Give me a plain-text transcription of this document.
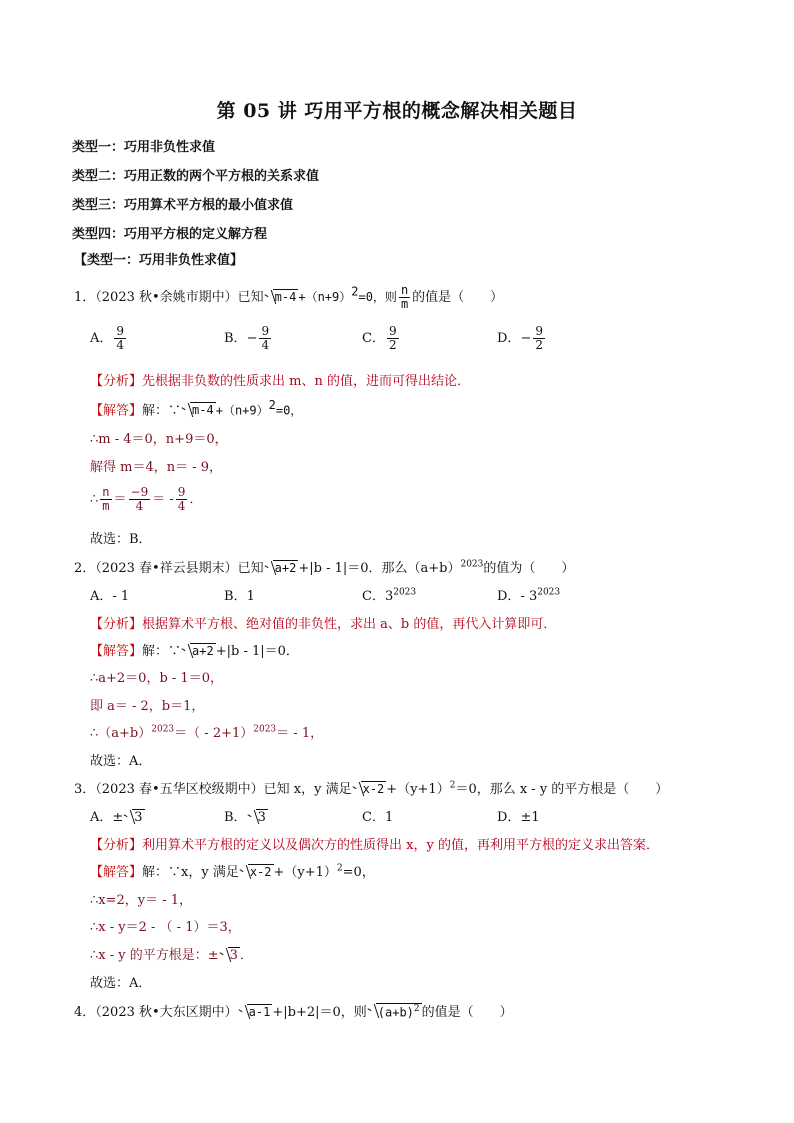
第 05 讲 巧用平方根的概念解决相关题目
类型一：巧用非负性求值
类型二：巧用正数的两个平方根的关系求值
类型三：巧用算术平方根的最小值求值
类型四：巧用平方根的定义解方程
【类型一：巧用非负性求值】
1．（2023 秋•余姚市期中）已知 $m-4 +(n+9)^2=0$，则 $\frac{n}{m}$ 的值是（　　）
A． $\frac{9}{4}$	B．− $\frac{9}{4}$	C． $\frac{9}{2}$	D．− $\frac{9}{2}$
【分析】先根据非负数的性质求出 m、n 的值，进而可得出结论．
【解答】解：∵ $m-4 +(n+9)^2=0$，
∴m - 4＝0，n+9＝0，
解得 m＝4，n＝ - 9，
∴ $\frac{n}{m} = \frac{-9}{4}$ ＝ - $\frac{9}{4}$ ．
故选：B．
2．（2023 春•祥云县期末）已知 a+2 +|b - 1|＝0．那么$(a+b)^{2023}$的值为（　　）
A．- 1	B．1	C．$3^{2023}$	D．- $3^{2023}$
【分析】根据算术平方根、绝对值的非负性，求出 a、b 的值，再代入计算即可．
【解答】解：∵ a+2 +|b - 1|＝0．
∴a+2＝0，b - 1＝0，
即 a＝ - 2，b＝1，
$\therefore(a+b)^{2023}=( - 2+1)^{2023}= - 1$，
故选：A．
3．（2023 春•五华区校级期中）已知 x，y 满足 $x-2 +(y+1)^2=0$，那么 x - y 的平方根是（　　）
A．± 3	B． 3	C．1	D．±1
【分析】利用算术平方根的定义以及偶次方的性质得出 x，y 的值，再利用平方根的定义求出答案．
【解答】解：∵x，y 满足 $x-2 +(y+1)^2=0$，
∴x=2，y＝ - 1，
∴x - y＝2 - （ - 1）＝3，
∴x - y 的平方根是：± 3 ．
故选：A．
4．（2023 秋•大东区期中） a-1 +|b+2|＝0，则 $(a+b)^2$ 的值是（　　）
